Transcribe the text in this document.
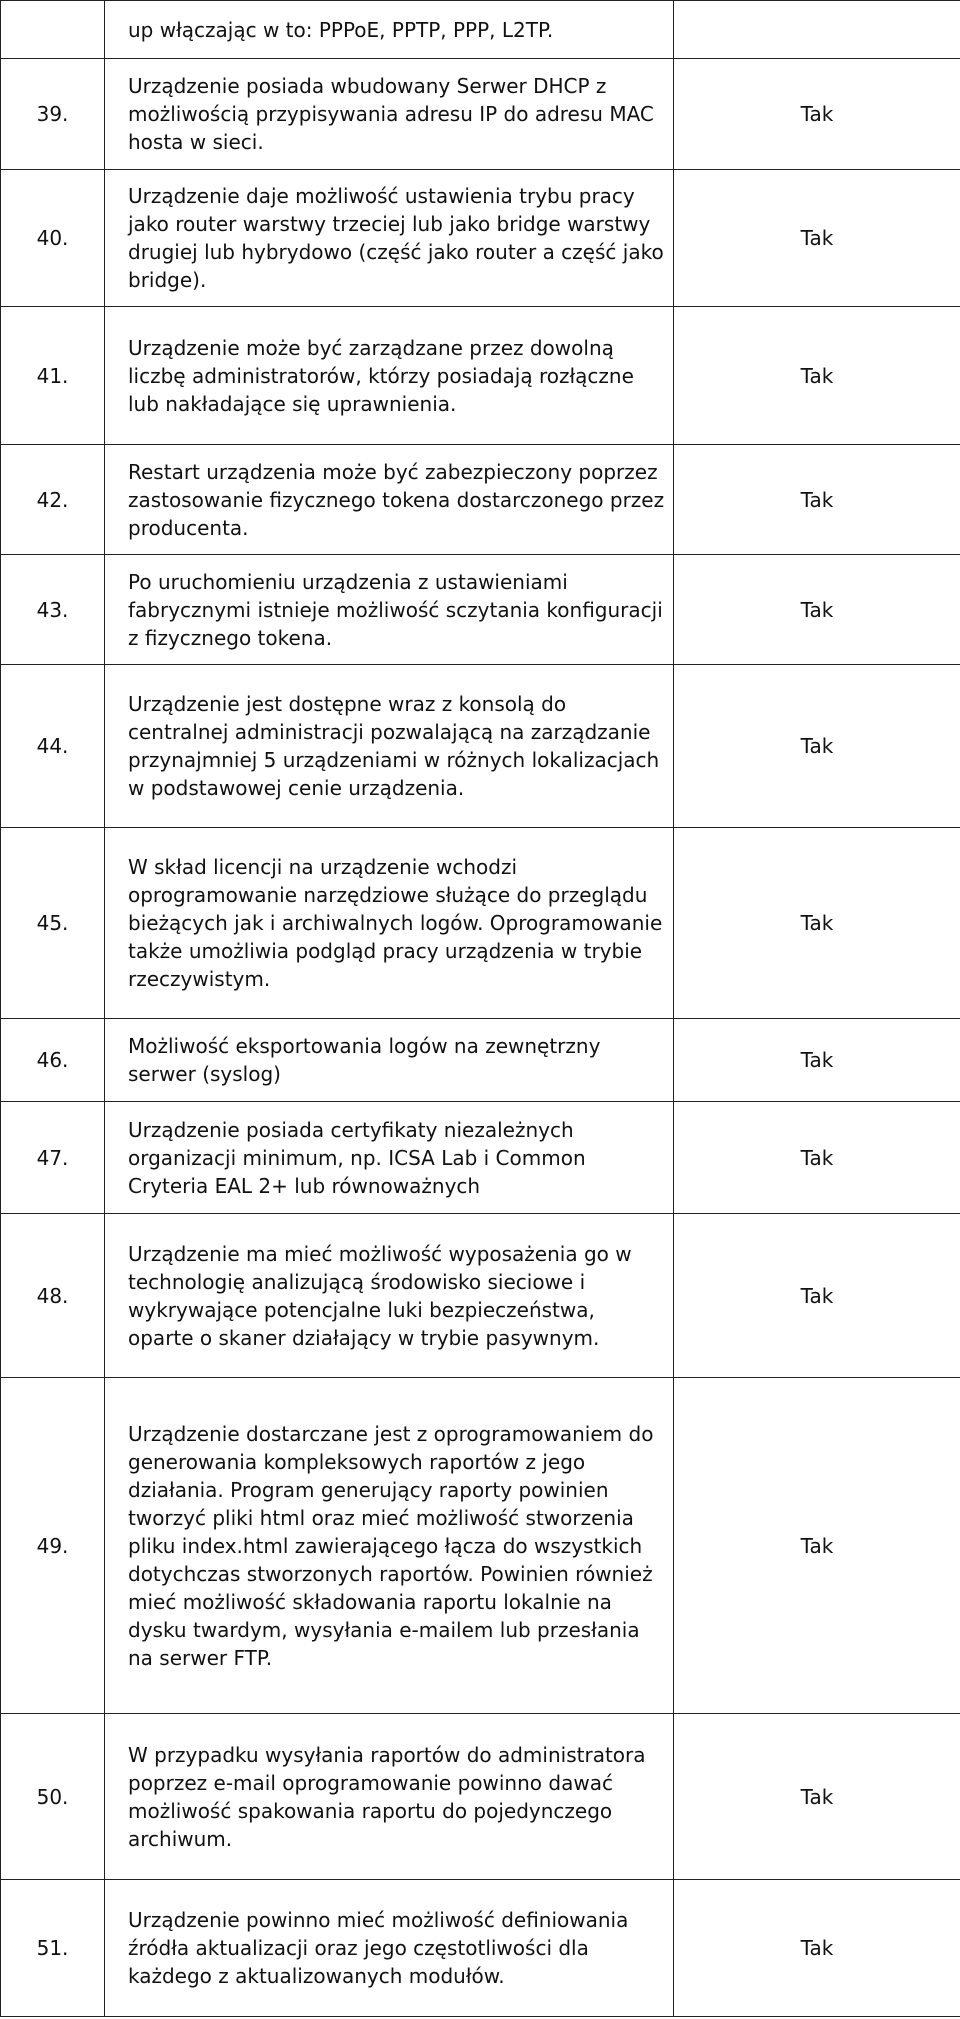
	up włączając w to: PPPoE, PPTP, PPP, L2TP.	
39.	Urządzenie posiada wbudowany Serwer DHCP z możliwością przypisywania adresu IP do adresu MAC hosta w sieci.	Tak
40.	Urządzenie daje możliwość ustawienia trybu pracy jako router warstwy trzeciej lub jako bridge warstwy drugiej lub hybrydowo (część jako router a część jako bridge).	Tak
41.	Urządzenie może być zarządzane przez dowolną liczbę administratorów, którzy posiadają rozłączne lub nakładające się uprawnienia.	Tak
42.	Restart urządzenia może być zabezpieczony poprzez zastosowanie fizycznego tokena dostarczonego przez producenta.	Tak
43.	Po uruchomieniu urządzenia z ustawieniami fabrycznymi istnieje możliwość sczytania konfiguracji z fizycznego tokena.	Tak
44.	Urządzenie jest dostępne wraz z konsolą do centralnej administracji pozwalającą na zarządzanie przynajmniej 5 urządzeniami w różnych lokalizacjach w podstawowej cenie urządzenia.	Tak
45.	W skład licencji na urządzenie wchodzi oprogramowanie narzędziowe służące do przeglądu bieżących jak i archiwalnych logów. Oprogramowanie także umożliwia podgląd pracy urządzenia w trybie rzeczywistym.	Tak
46.	Możliwość eksportowania logów na zewnętrzny serwer (syslog)	Tak
47.	Urządzenie posiada certyfikaty niezależnych organizacji minimum, np. ICSA Lab i Common Cryteria EAL 2+ lub równoważnych	Tak
48.	Urządzenie ma mieć możliwość wyposażenia go w technologię analizującą środowisko sieciowe i wykrywające potencjalne luki bezpieczeństwa, oparte o skaner działający w trybie pasywnym.	Tak
49.	Urządzenie dostarczane jest z oprogramowaniem do generowania kompleksowych raportów z jego działania. Program generujący raporty powinien tworzyć pliki html oraz mieć możliwość stworzenia pliku index.html zawierającego łącza do wszystkich dotychczas stworzonych raportów. Powinien również mieć możliwość składowania raportu lokalnie na dysku twardym, wysyłania e-mailem lub przesłania na serwer FTP.	Tak
50.	W przypadku wysyłania raportów do administratora poprzez e-mail oprogramowanie powinno dawać możliwość spakowania raportu do pojedynczego archiwum.	Tak
51.	Urządzenie powinno mieć możliwość definiowania źródła aktualizacji oraz jego częstotliwości dla każdego z aktualizowanych modułów.	Tak
